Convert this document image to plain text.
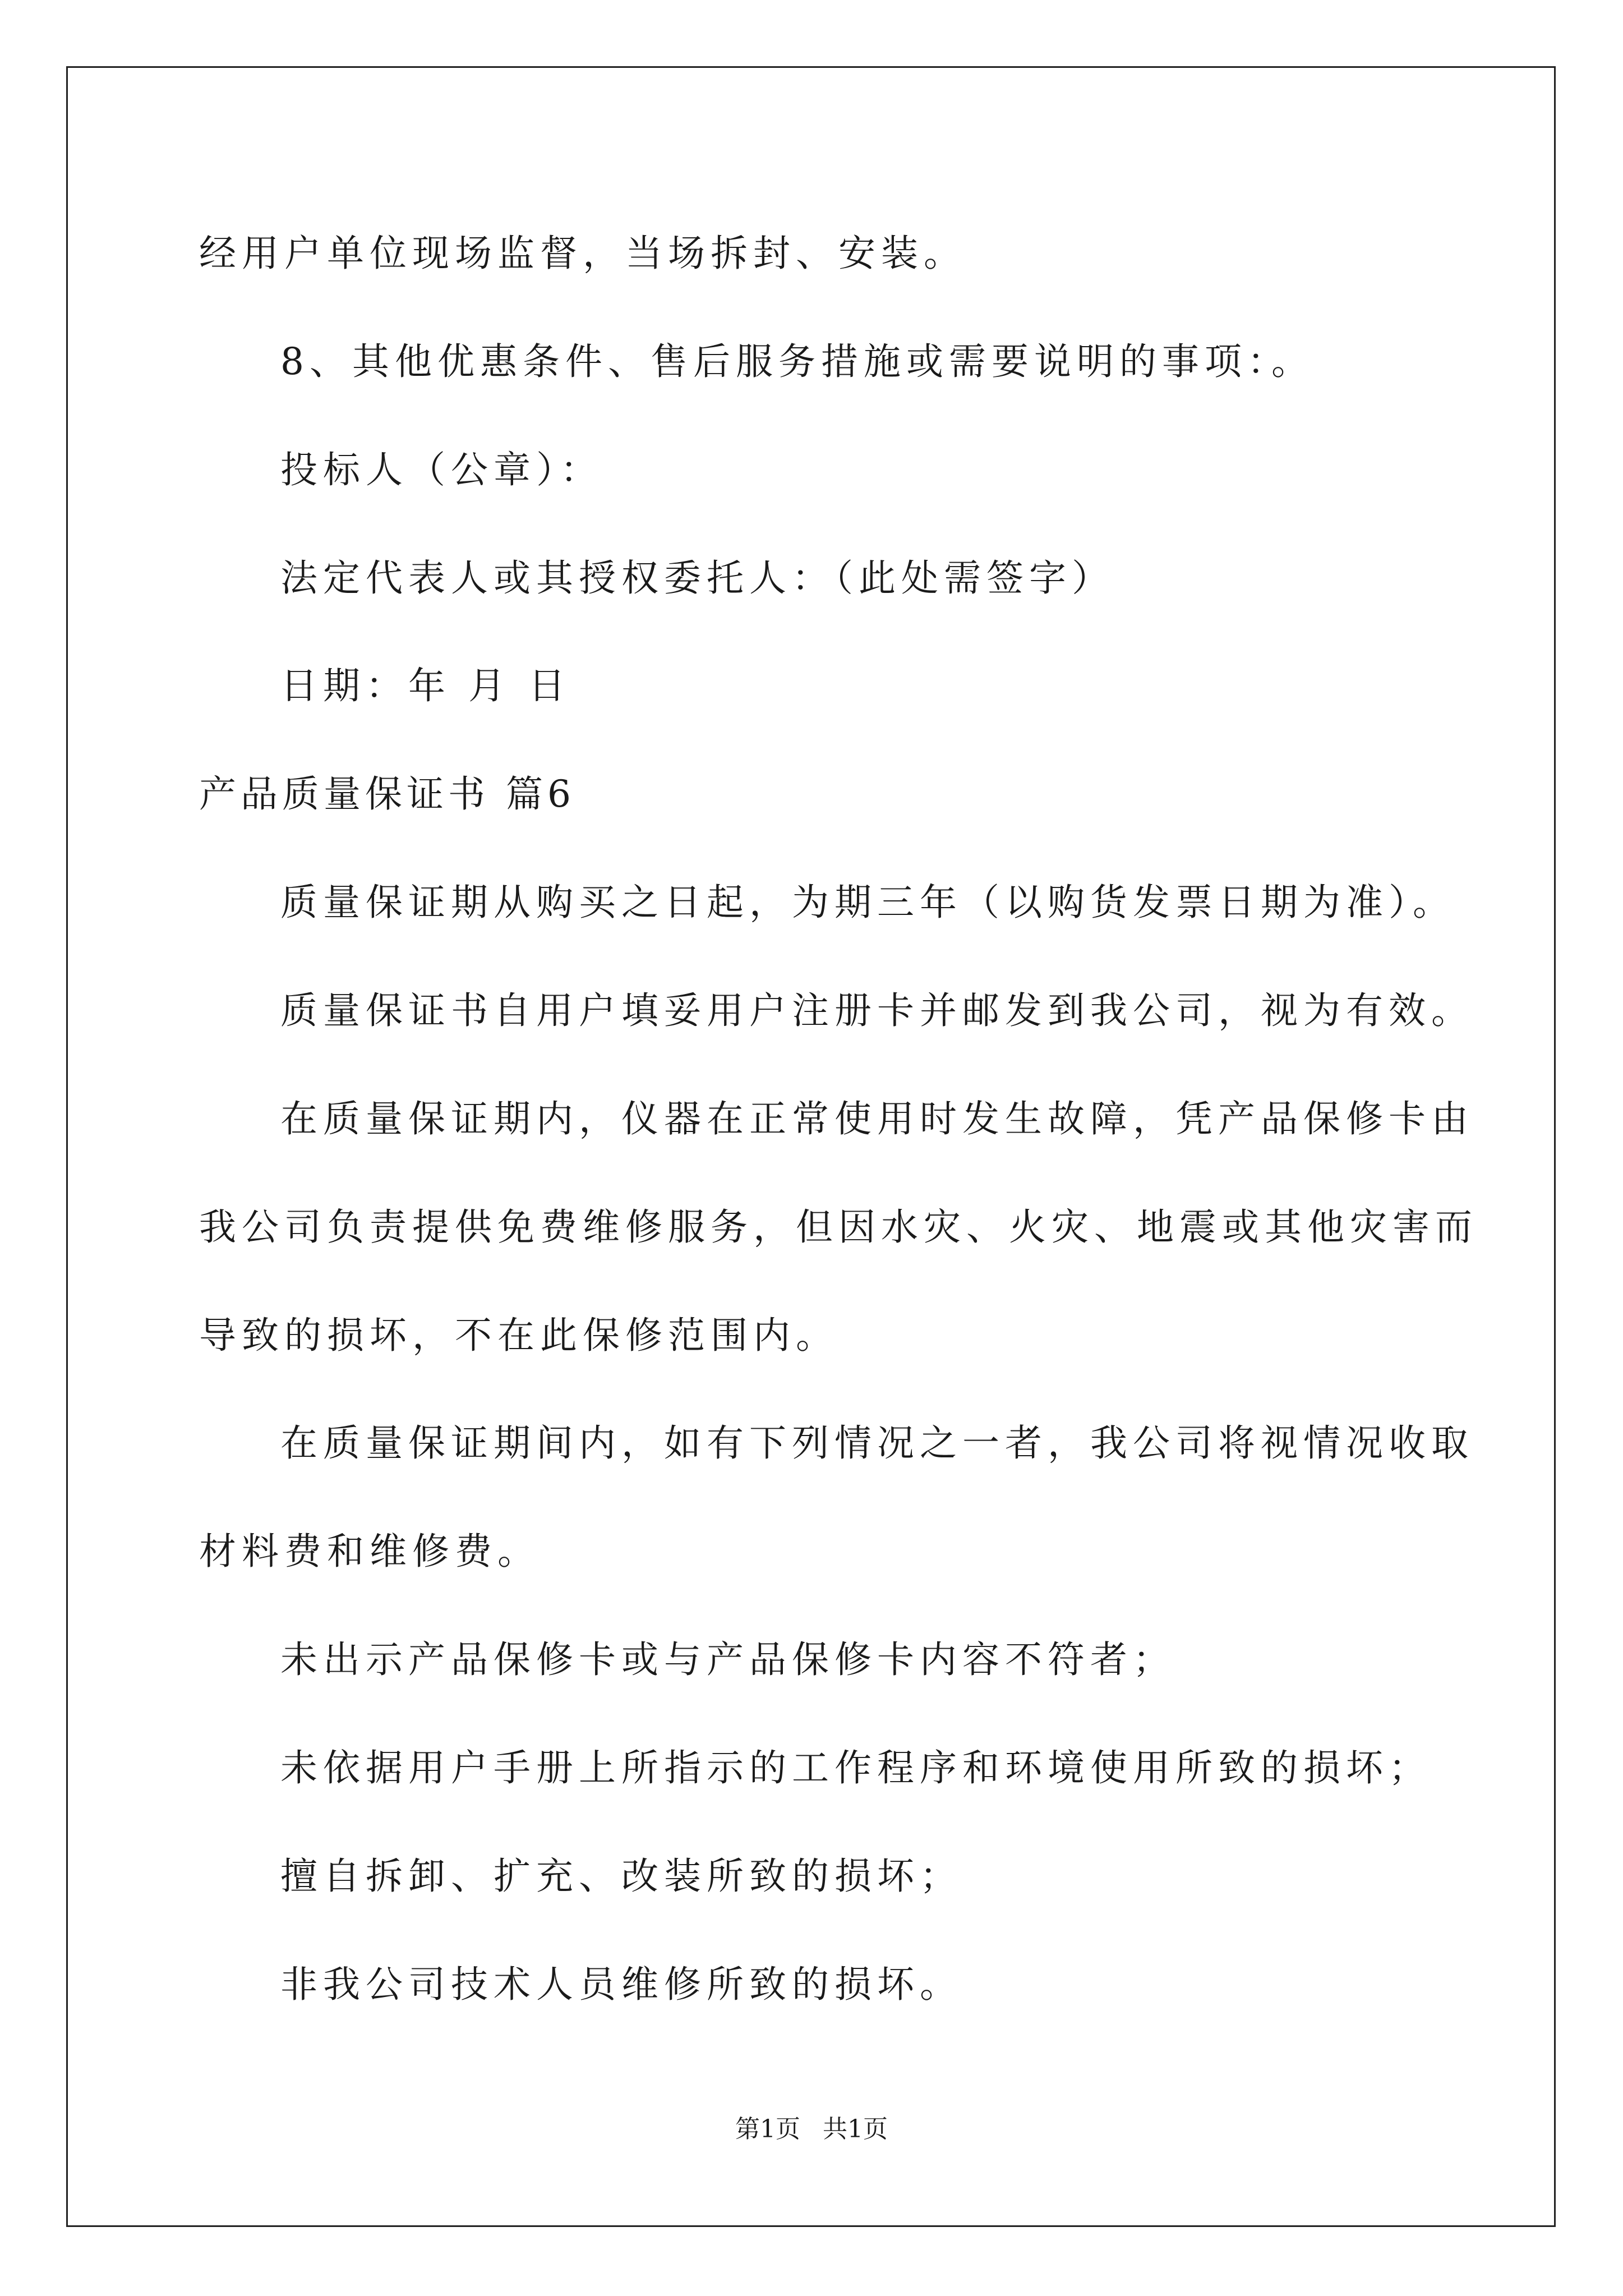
经用户单位现场监督，当场拆封、安装。
8、其他优惠条件、售后服务措施或需要说明的事项：。
投标人（公章）：
法定代表人或其授权委托人：（此处需签字）
日期：年 月 日
产品质量保证书 篇6
质量保证期从购买之日起，为期三年（以购货发票日期为准）。
质量保证书自用户填妥用户注册卡并邮发到我公司，视为有效。
在质量保证期内，仪器在正常使用时发生故障，凭产品保修卡由
我公司负责提供免费维修服务，但因水灾、火灾、地震或其他灾害而
导致的损坏，不在此保修范围内。
在质量保证期间内，如有下列情况之一者，我公司将视情况收取
材料费和维修费。
未出示产品保修卡或与产品保修卡内容不符者；
未依据用户手册上所指示的工作程序和环境使用所致的损坏；
擅自拆卸、扩充、改装所致的损坏；
非我公司技术人员维修所致的损坏。
第1页 共1页
